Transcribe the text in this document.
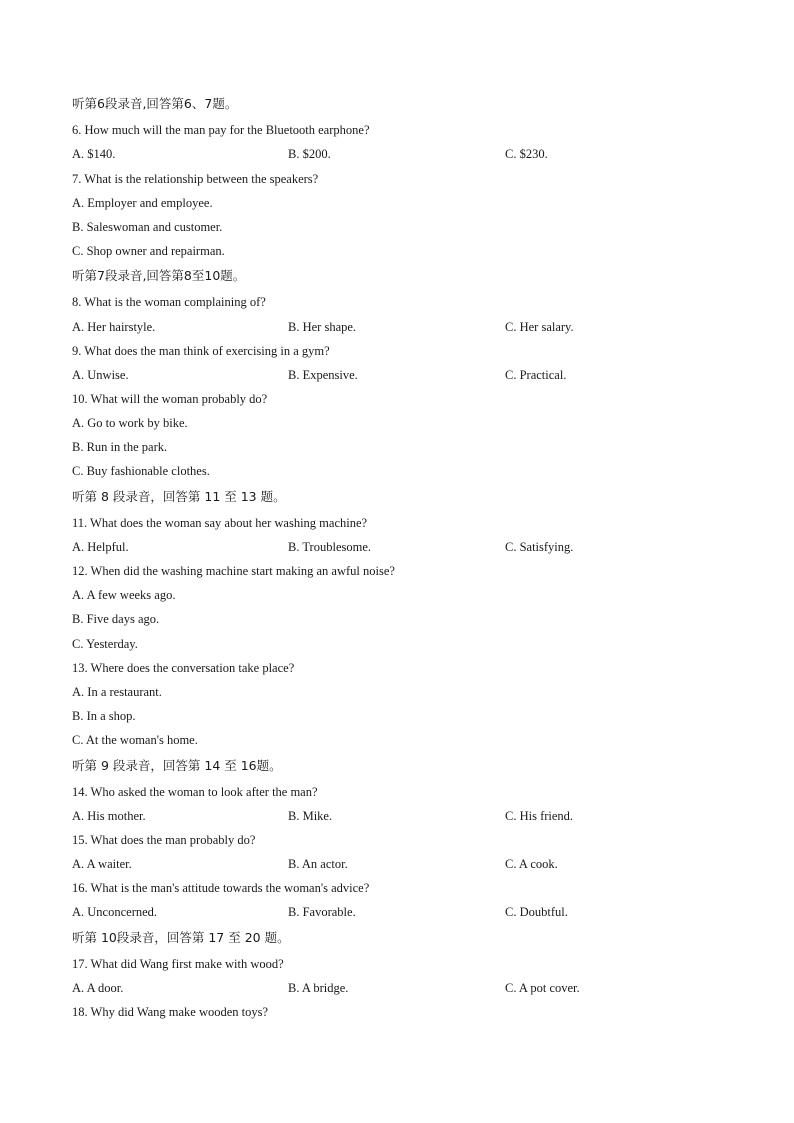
听第6段录音,回答第6、7题。
6. How much will the man pay for the Bluetooth earphone?
A. $140.	B. $200.	C. $230.
7. What is the relationship between the speakers?
A. Employer and employee.
B. Saleswoman and customer.
C. Shop owner and repairman.
听第7段录音,回答第8至10题。
8. What is the woman complaining of?
A. Her hairstyle.	B. Her shape.	C. Her salary.
9. What does the man think of exercising in a gym?
A. Unwise.	B. Expensive.	C. Practical.
10. What will the woman probably do?
A. Go to work by bike.
B. Run in the park.
C. Buy fashionable clothes.
听第 8 段录音，回答第 11 至 13 题。
11. What does the woman say about her washing machine?
A. Helpful.	B. Troublesome.	C. Satisfying.
12. When did the washing machine start making an awful noise?
A. A few weeks ago.
B. Five days ago.
C. Yesterday.
13. Where does the conversation take place?
A. In a restaurant.
B. In a shop.
C. At the woman's home.
听第 9 段录音，回答第 14 至 16题。
14. Who asked the woman to look after the man?
A. His mother.	B. Mike.	C. His friend.
15. What does the man probably do?
A. A waiter.	B. An actor.	C. A cook.
16. What is the man's attitude towards the woman's advice?
A. Unconcerned.	B. Favorable.	C. Doubtful.
听第 10段录音，回答第 17 至 20 题。
17. What did Wang first make with wood?
A. A door.	B. A bridge.	C. A pot cover.
18. Why did Wang make wooden toys?
